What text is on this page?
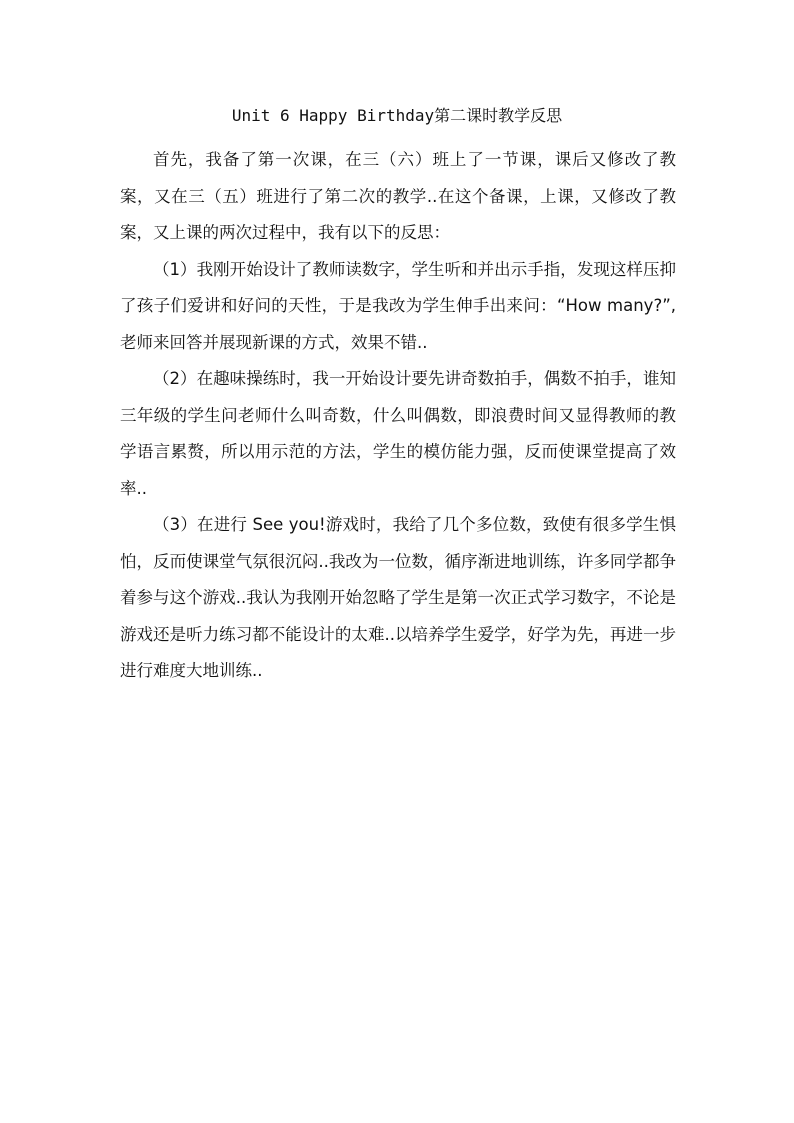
Unit 6 Happy Birthday第二课时教学反思

首先，我备了第一次课，在三（六）班上了一节课，课后又修改了教案，又在三（五）班进行了第二次的教学..在这个备课，上课，又修改了教案，又上课的两次过程中，我有以下的反思：

（1）我刚开始设计了教师读数字，学生听和并出示手指，发现这样压抑了孩子们爱讲和好问的天性，于是我改为学生伸手出来问：“How many?”,老师来回答并展现新课的方式，效果不错..

（2）在趣味操练时，我一开始设计要先讲奇数拍手，偶数不拍手，谁知三年级的学生问老师什么叫奇数，什么叫偶数，即浪费时间又显得教师的教学语言累赘，所以用示范的方法，学生的模仿能力强，反而使课堂提高了效率..

（3）在进行 See you!游戏时，我给了几个多位数，致使有很多学生惧怕，反而使课堂气氛很沉闷..我改为一位数，循序渐进地训练，许多同学都争着参与这个游戏..我认为我刚开始忽略了学生是第一次正式学习数字，不论是游戏还是听力练习都不能设计的太难..以培养学生爱学，好学为先，再进一步进行难度大地训练..
